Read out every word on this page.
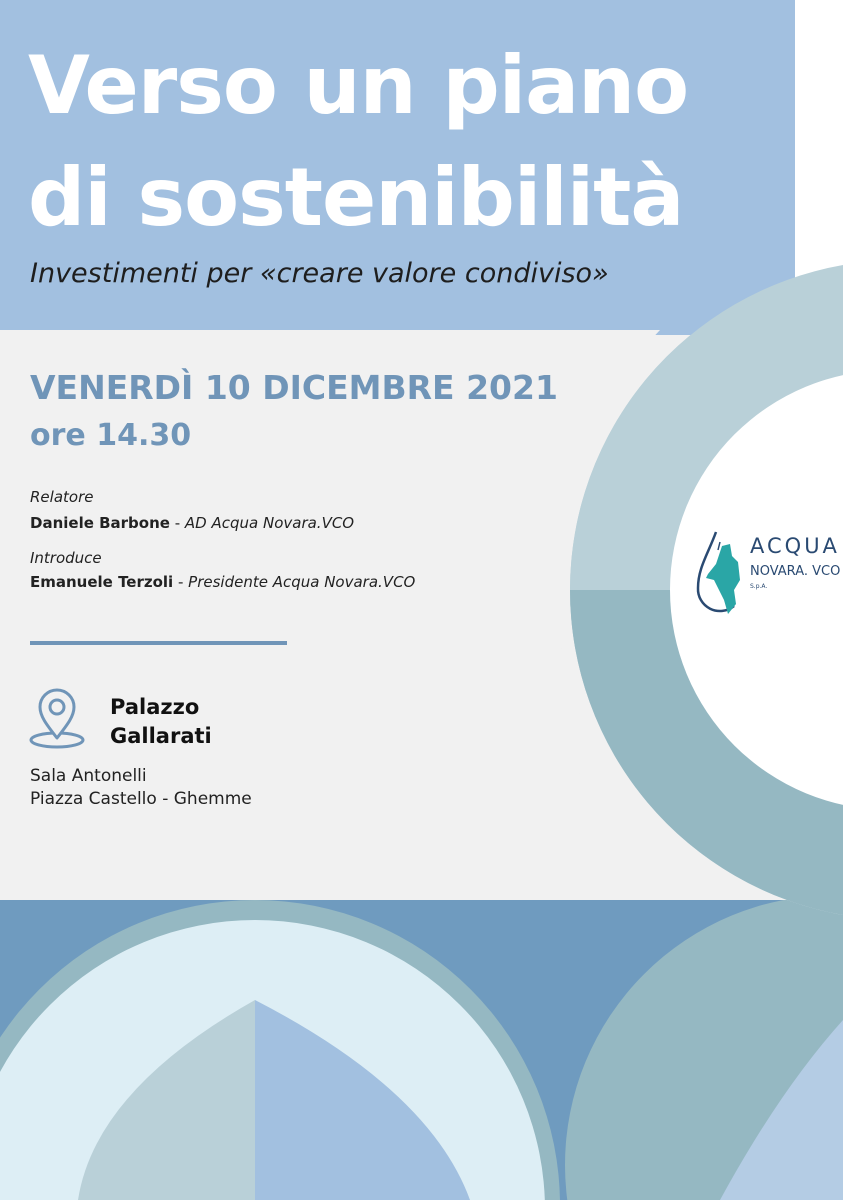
Verso un piano
di sostenibilità

Investimenti per «creare valore condiviso»

VENERDÌ 10 DICEMBRE 2021

ore 14.30

Relatore

Daniele Barbone - AD Acqua Novara.VCO

Introduce

Emanuele Terzoli - Presidente Acqua Novara.VCO

Palazzo
Gallarati

Sala Antonelli
Piazza Castello - Ghemme

ACQUA
NOVARA. VCO
S.p.A.
